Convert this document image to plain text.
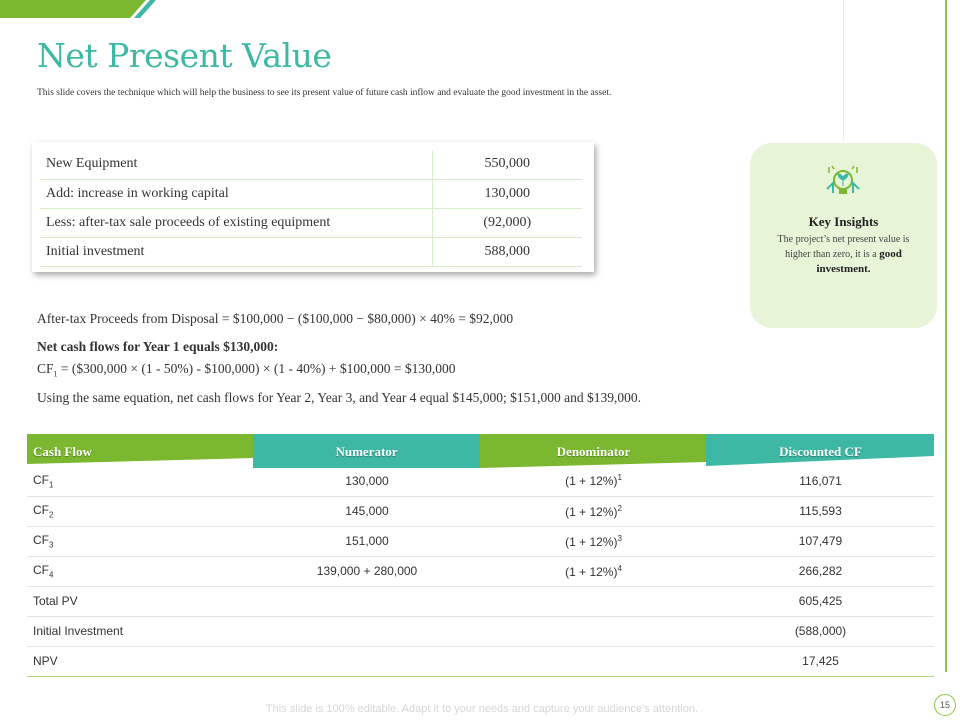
Net Present Value
This slide covers the technique which will help the business to see its present value of future cash inflow and evaluate the good investment in the asset.
New Equipment	550,000
Add: increase in working capital	130,000
Less: after-tax sale proceeds of existing equipment	(92,000)
Initial investment	588,000
Key Insights
The project’s net present value is higher than zero, it is a good investment.
After-tax Proceeds from Disposal = $100,000 − ($100,000 − $80,000) × 40% = $92,000
Net cash flows for Year 1 equals $130,000:
$CF_1$ = ($300,000 × (1 - 50%) - $100,000) × (1 - 40%) + $100,000 = $130,000
Using the same equation, net cash flows for Year 2, Year 3, and Year 4 equal $145,000; $151,000 and $139,000.
Cash Flow	Numerator	Denominator	Discounted CF
$CF_1$	130,000	$(1 + 12\%)^1$	116,071
$CF_2$	145,000	$(1 + 12\%)^2$	115,593
$CF_3$	151,000	$(1 + 12\%)^3$	107,479
$CF_4$	139,000 + 280,000	$(1 + 12\%)^4$	266,282
Total PV			605,425
Initial Investment			(588,000)
NPV			17,425
This slide is 100% editable. Adapt it to your needs and capture your audience’s attention.	15
